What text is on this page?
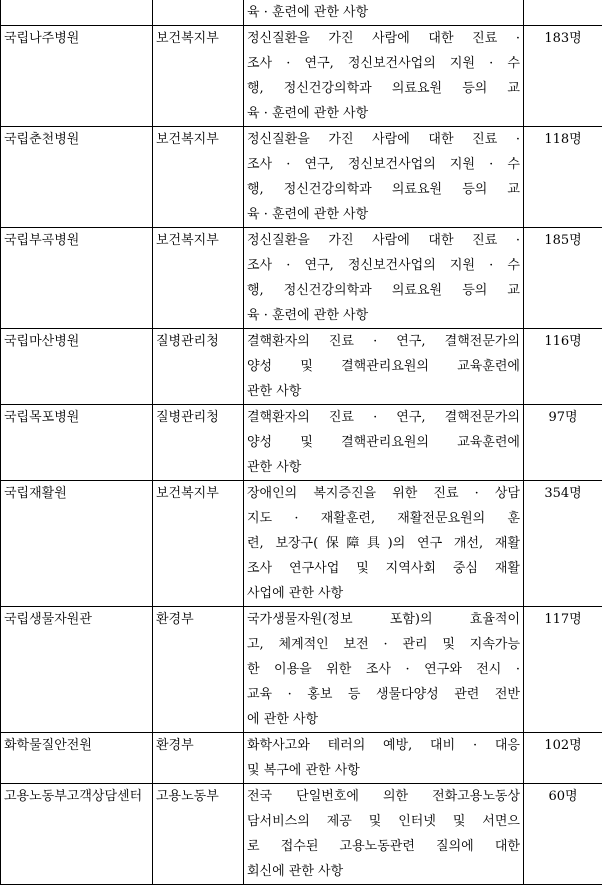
		육 · 훈련에 관한 사항	

국립나주병원	보건복지부	정신질환을 가진 사람에 대한 진료 ·
조사 · 연구, 정신보건사업의 지원 · 수
행, 정신건강의학과 의료요원 등의 교
육 · 훈련에 관한 사항	183명
국립춘천병원	보건복지부	정신질환을 가진 사람에 대한 진료 ·
조사 · 연구, 정신보건사업의 지원 · 수
행, 정신건강의학과 의료요원 등의 교
육 · 훈련에 관한 사항	118명
국립부곡병원	보건복지부	정신질환을 가진 사람에 대한 진료 ·
조사 · 연구, 정신보건사업의 지원 · 수
행, 정신건강의학과 의료요원 등의 교
육 · 훈련에 관한 사항	185명
국립마산병원	질병관리청	결핵환자의 진료 · 연구, 결핵전문가의
양성 및 결핵관리요원의 교육훈련에
관한 사항	116명
국립목포병원	질병관리청	결핵환자의 진료 · 연구, 결핵전문가의
양성 및 결핵관리요원의 교육훈련에
관한 사항	97명
국립재활원	보건복지부	장애인의 복지증진을 위한 진료 · 상담
지도 · 재활훈련, 재활전문요원의 훈
련, 보장구(保障具)의 연구 개선, 재활
조사 연구사업 및 지역사회 중심 재활
사업에 관한 사항	354명
국립생물자원관	환경부	국가생물자원(정보 포함)의 효율적이
고, 체계적인 보전 · 관리 및 지속가능
한 이용을 위한 조사 · 연구와 전시 ·
교육 · 홍보 등 생물다양성 관련 전반
에 관한 사항	117명
화학물질안전원	환경부	화학사고와 테러의 예방, 대비 · 대응
및 복구에 관한 사항	102명
고용노동부고객상담센터	고용노동부	전국 단일번호에 의한 전화고용노동상
담서비스의 제공 및 인터넷 및 서면으
로 접수된 고용노동관련 질의에 대한
회신에 관한 사항	60명
